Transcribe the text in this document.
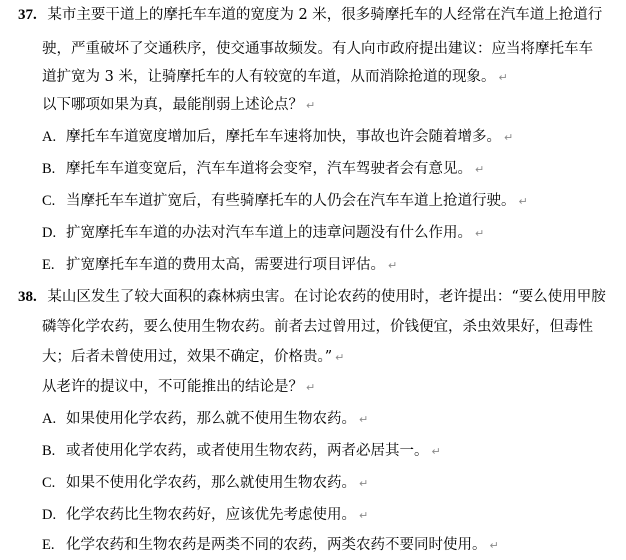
37. 某市主要干道上的摩托车车道的宽度为 2 米，很多骑摩托车的人经常在汽车道上抢道行
驶，严重破坏了交通秩序，使交通事故频发。有人向市政府提出建议：应当将摩托车车
道扩宽为 3 米，让骑摩托车的人有较宽的车道，从而消除抢道的现象。 ↵
以下哪项如果为真，最能削弱上述论点？ ↵
A. 摩托车车道宽度增加后，摩托车车速将加快，事故也许会随着增多。 ↵
B. 摩托车车道变宽后，汽车车道将会变窄，汽车驾驶者会有意见。 ↵
C. 当摩托车车道扩宽后，有些骑摩托车的人仍会在汽车车道上抢道行驶。 ↵
D. 扩宽摩托车车道的办法对汽车车道上的违章问题没有什么作用。 ↵
E. 扩宽摩托车车道的费用太高，需要进行项目评估。 ↵
38. 某山区发生了较大面积的森林病虫害。在讨论农药的使用时，老许提出：“要么使用甲胺
磷等化学农药，要么使用生物农药。前者去过曾用过，价钱便宜，杀虫效果好，但毒性
大；后者未曾使用过，效果不确定，价格贵。” ↵
从老许的提议中，不可能推出的结论是？ ↵
A. 如果使用化学农药，那么就不使用生物农药。 ↵
B. 或者使用化学农药，或者使用生物农药，两者必居其一。 ↵
C. 如果不使用化学农药，那么就使用生物农药。 ↵
D. 化学农药比生物农药好，应该优先考虑使用。 ↵
E. 化学农药和生物农药是两类不同的农药，两类农药不要同时使用。 ↵
